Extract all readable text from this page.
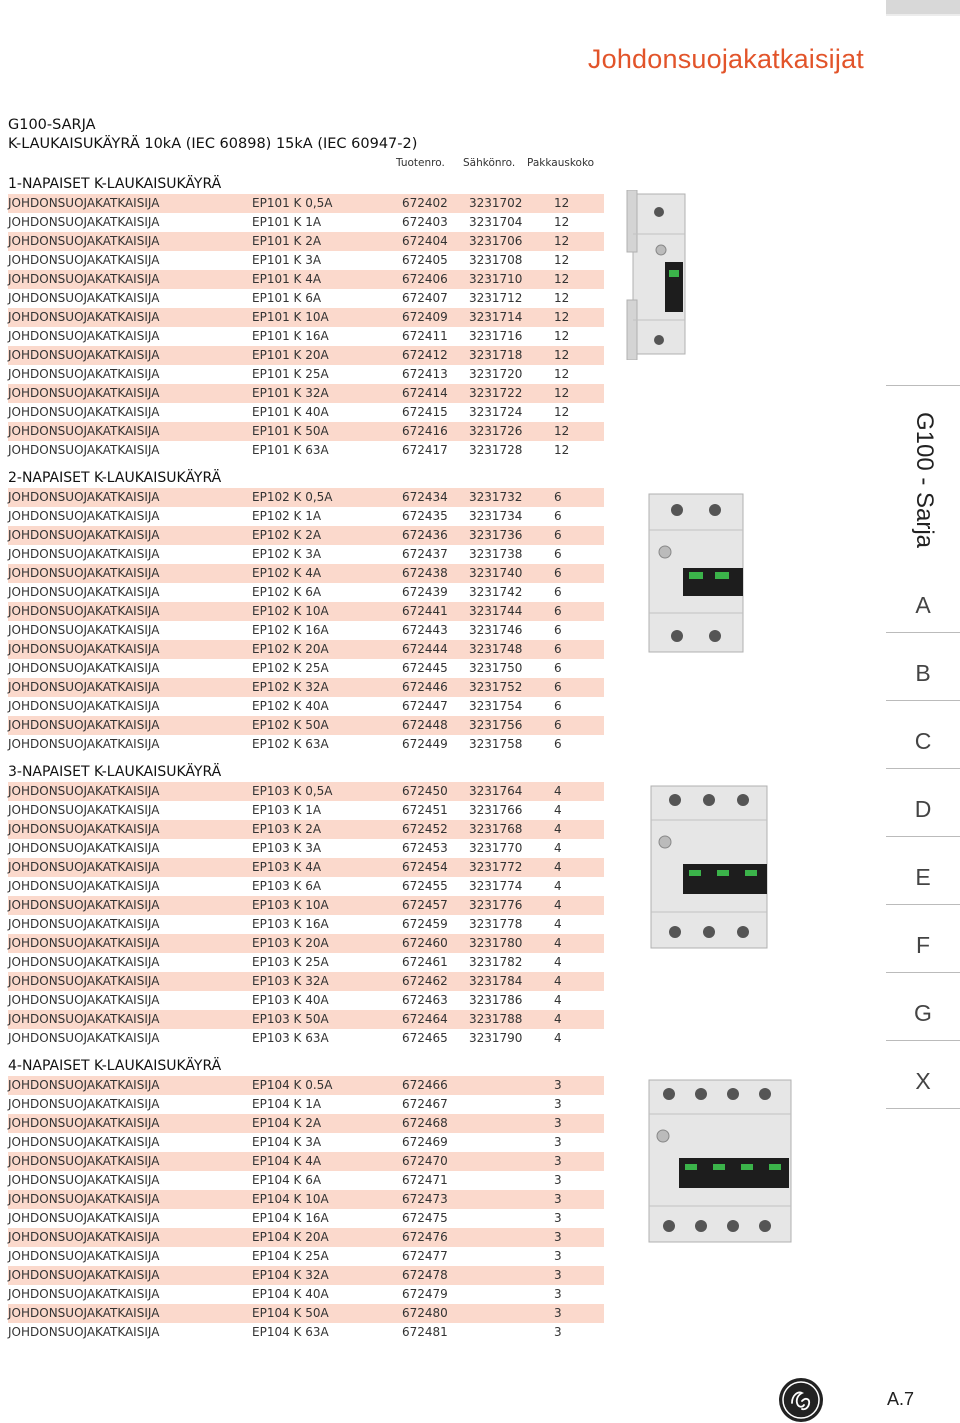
Johdonsuojakatkaisijat
G100-SARJA
K-LAUKAISUKÄYRÄ 10kA (IEC 60898) 15kA (IEC 60947-2)
Tuotenro. Sähkönro. Pakkauskoko
1-NAPAISET K-LAUKAISUKÄYRÄ
JOHDONSUOJAKATKAISIJA	EP101 K 0,5A	672402 3231702	12
JOHDONSUOJAKATKAISIJA	EP101 K 1A	672403 3231704	12
JOHDONSUOJAKATKAISIJA	EP101 K 2A	672404 3231706	12
JOHDONSUOJAKATKAISIJA	EP101 K 3A	672405 3231708	12
JOHDONSUOJAKATKAISIJA	EP101 K 4A	672406 3231710	12
JOHDONSUOJAKATKAISIJA	EP101 K 6A	672407 3231712	12
JOHDONSUOJAKATKAISIJA	EP101 K 10A	672409 3231714	12
JOHDONSUOJAKATKAISIJA	EP101 K 16A	672411 3231716	12
JOHDONSUOJAKATKAISIJA	EP101 K 20A	672412 3231718	12
JOHDONSUOJAKATKAISIJA	EP101 K 25A	672413 3231720	12
JOHDONSUOJAKATKAISIJA	EP101 K 32A	672414 3231722	12
JOHDONSUOJAKATKAISIJA	EP101 K 40A	672415 3231724	12
JOHDONSUOJAKATKAISIJA	EP101 K 50A	672416 3231726	12
JOHDONSUOJAKATKAISIJA	EP101 K 63A	672417 3231728	12
2-NAPAISET K-LAUKAISUKÄYRÄ
JOHDONSUOJAKATKAISIJA	EP102 K 0,5A	672434 3231732	6
JOHDONSUOJAKATKAISIJA	EP102 K 1A	672435 3231734	6
JOHDONSUOJAKATKAISIJA	EP102 K 2A	672436 3231736	6
JOHDONSUOJAKATKAISIJA	EP102 K 3A	672437 3231738	6
JOHDONSUOJAKATKAISIJA	EP102 K 4A	672438 3231740	6
JOHDONSUOJAKATKAISIJA	EP102 K 6A	672439 3231742	6
JOHDONSUOJAKATKAISIJA	EP102 K 10A	672441 3231744	6
JOHDONSUOJAKATKAISIJA	EP102 K 16A	672443 3231746	6
JOHDONSUOJAKATKAISIJA	EP102 K 20A	672444 3231748	6
JOHDONSUOJAKATKAISIJA	EP102 K 25A	672445 3231750	6
JOHDONSUOJAKATKAISIJA	EP102 K 32A	672446 3231752	6
JOHDONSUOJAKATKAISIJA	EP102 K 40A	672447 3231754	6
JOHDONSUOJAKATKAISIJA	EP102 K 50A	672448 3231756	6
JOHDONSUOJAKATKAISIJA	EP102 K 63A	672449 3231758	6
3-NAPAISET K-LAUKAISUKÄYRÄ
JOHDONSUOJAKATKAISIJA	EP103 K 0,5A	672450 3231764	4
JOHDONSUOJAKATKAISIJA	EP103 K 1A	672451 3231766	4
JOHDONSUOJAKATKAISIJA	EP103 K 2A	672452 3231768	4
JOHDONSUOJAKATKAISIJA	EP103 K 3A	672453 3231770	4
JOHDONSUOJAKATKAISIJA	EP103 K 4A	672454 3231772	4
JOHDONSUOJAKATKAISIJA	EP103 K 6A	672455 3231774	4
JOHDONSUOJAKATKAISIJA	EP103 K 10A	672457 3231776	4
JOHDONSUOJAKATKAISIJA	EP103 K 16A	672459 3231778	4
JOHDONSUOJAKATKAISIJA	EP103 K 20A	672460 3231780	4
JOHDONSUOJAKATKAISIJA	EP103 K 25A	672461 3231782	4
JOHDONSUOJAKATKAISIJA	EP103 K 32A	672462 3231784	4
JOHDONSUOJAKATKAISIJA	EP103 K 40A	672463 3231786	4
JOHDONSUOJAKATKAISIJA	EP103 K 50A	672464 3231788	4
JOHDONSUOJAKATKAISIJA	EP103 K 63A	672465 3231790	4
4-NAPAISET K-LAUKAISUKÄYRÄ
JOHDONSUOJAKATKAISIJA	EP104 K 0.5A	672466	3
JOHDONSUOJAKATKAISIJA	EP104 K 1A	672467	3
JOHDONSUOJAKATKAISIJA	EP104 K 2A	672468	3
JOHDONSUOJAKATKAISIJA	EP104 K 3A	672469	3
JOHDONSUOJAKATKAISIJA	EP104 K 4A	672470	3
JOHDONSUOJAKATKAISIJA	EP104 K 6A	672471	3
JOHDONSUOJAKATKAISIJA	EP104 K 10A	672473	3
JOHDONSUOJAKATKAISIJA	EP104 K 16A	672475	3
JOHDONSUOJAKATKAISIJA	EP104 K 20A	672476	3
JOHDONSUOJAKATKAISIJA	EP104 K 25A	672477	3
JOHDONSUOJAKATKAISIJA	EP104 K 32A	672478	3
JOHDONSUOJAKATKAISIJA	EP104 K 40A	672479	3
JOHDONSUOJAKATKAISIJA	EP104 K 50A	672480	3
JOHDONSUOJAKATKAISIJA	EP104 K 63A	672481	3
G100 - Sarja
A
B
C
D
E
F
G
X
A.7
